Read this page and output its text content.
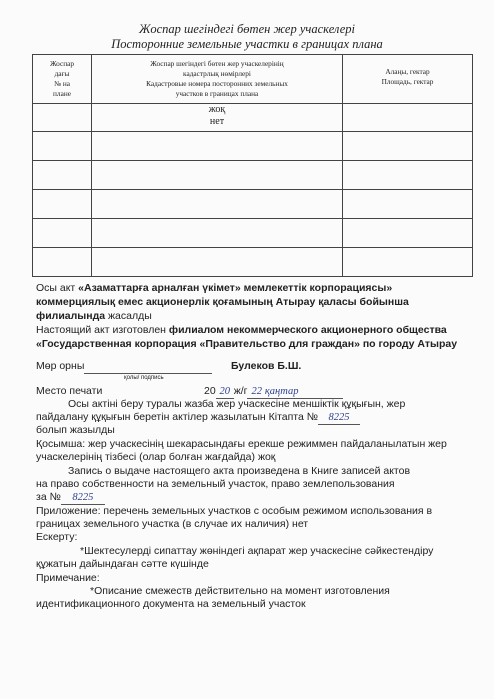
Жоспар шегіндегі бөтен жер учаскелері
Посторонние земельные участки в границах плана
Жоспар
дағы
№ на
плане	Жоспар шегіндегі бөтен жер учаскелерінің
кадастрлық нөмірлері
Кадастровые номера посторонних земельных
участков в границах плана	Алаңы, гектар
Площадь, гектар

	жоқ
нет	

Осы акт «Азаматтарға арналған үкімет» мемлекеттік корпорациясы»
коммерциялық емес акционерлік қоғамының Атырау қаласы бойынша
филиалында жасалды
Настоящий акт изготовлен филиалом некоммерческого акционерного общества
«Государственная корпорация «Правительство для граждан» по городу Атырау
Мөр орны
қолы/ подпись
Булеков Б.Ш.
Место печати	20 20 ж/г 22 қаңтар
Осы актіні беру туралы жазба жер учаскесіне меншіктік құқығын, жер
пайдалану құқығын беретін актілер жазылатын Кітапта № 8225
болып жазылды
Қосымша: жер учаскесінің шекарасындағы ерекше режиммен пайдаланылатын жер
учаскелерінің тізбесі (олар болған жағдайда) жоқ
Запись о выдаче настоящего акта произведена в Книге записей актов
на право собственности на земельный участок, право землепользования
за № 8225
Приложение: перечень земельных участков с особым режимом использования в
границах земельного участка (в случае их наличия) нет
Ескерту:
*Шектесулерді сипаттау жөніндегі ақпарат жер учаскесіне сәйкестендіру
құжатын дайындаған сәтте күшінде
Примечание:
*Описание смежеств действительно на момент изготовления
идентификационного документа на земельный участок
